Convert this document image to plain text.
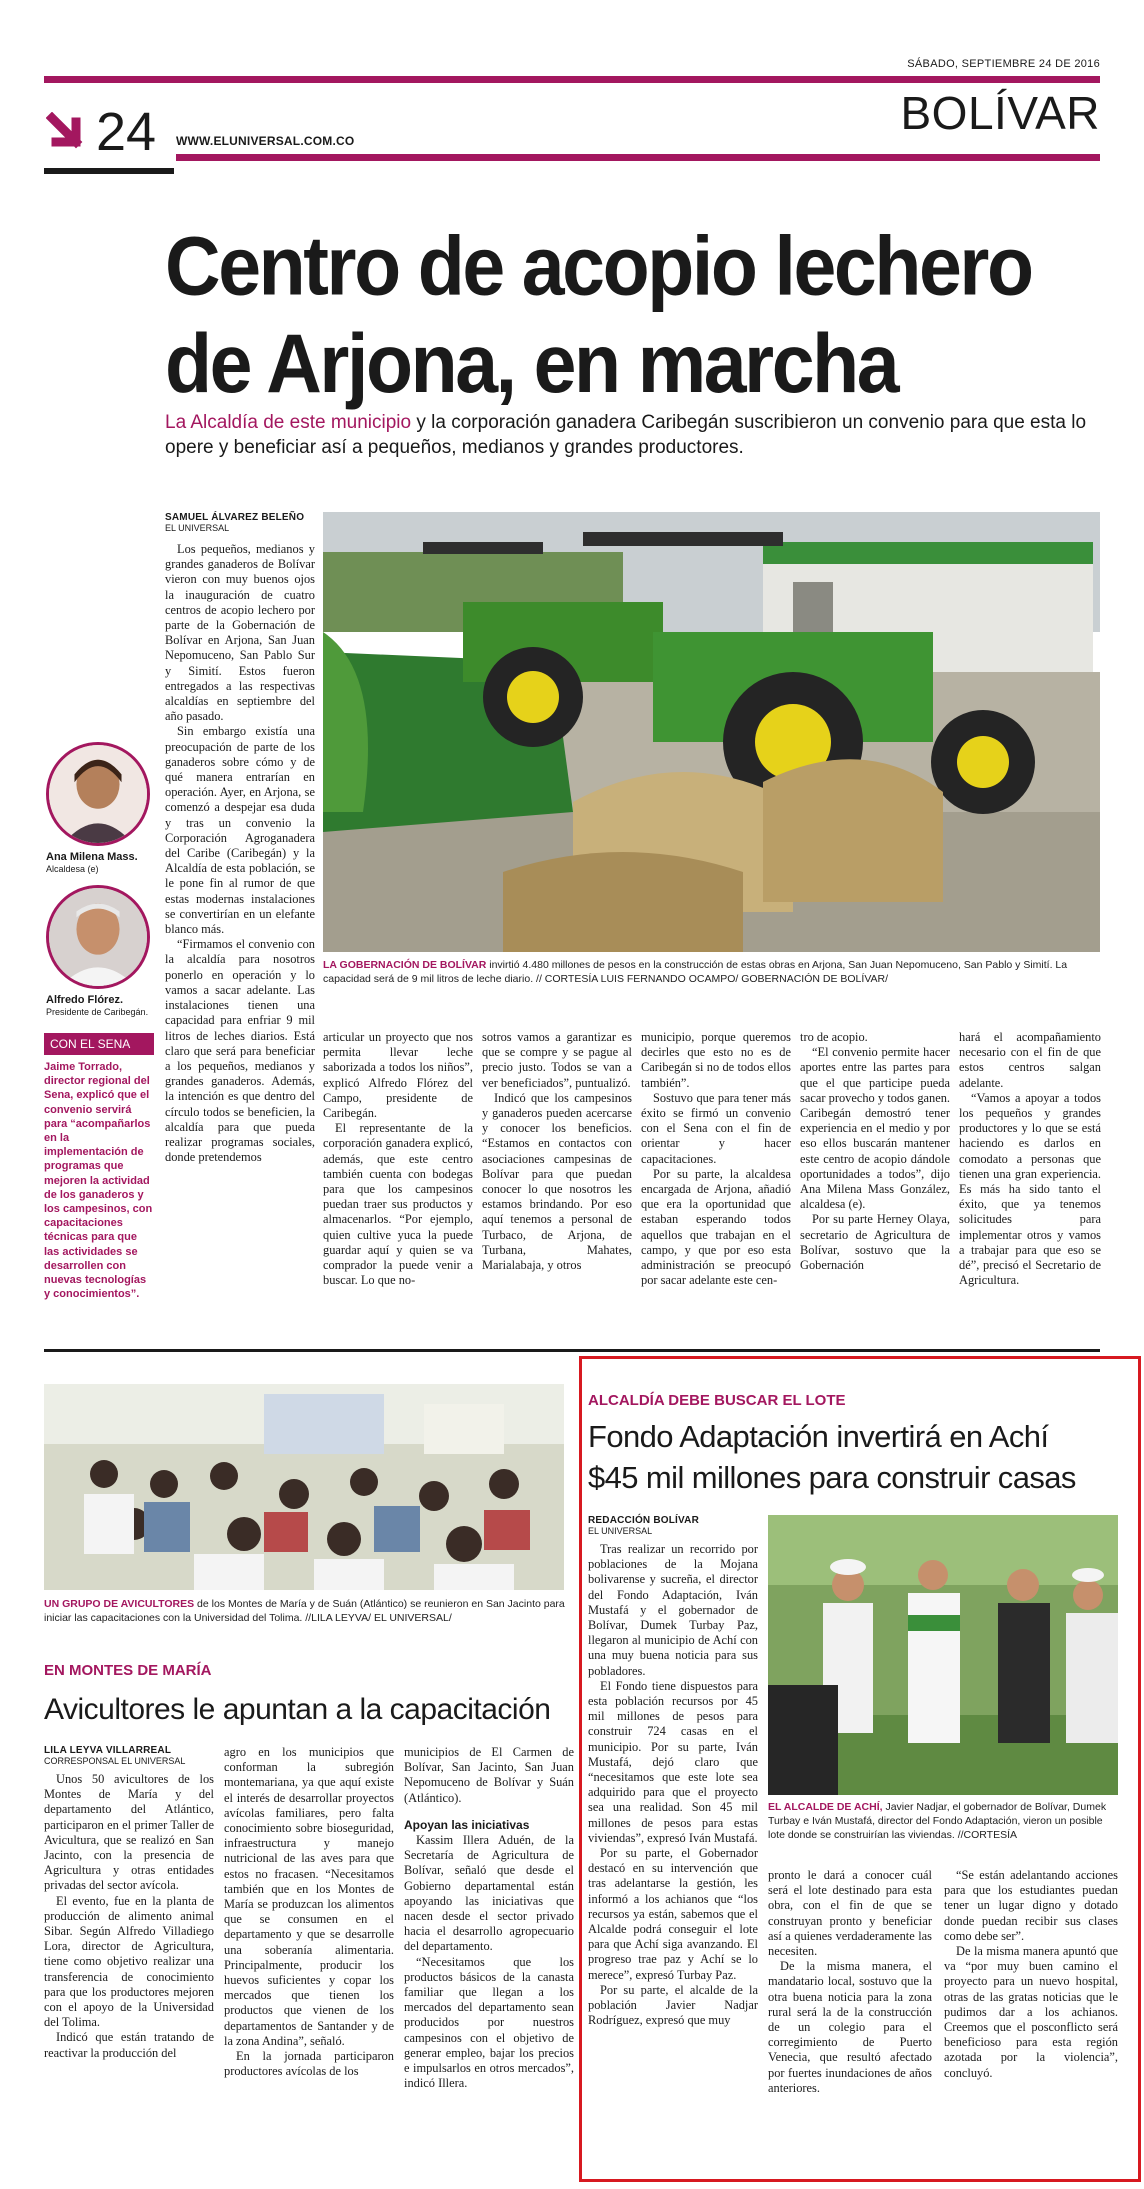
SÁBADO, SEPTIEMBRE 24 DE 2016
24 WWW.ELUNIVERSAL.COM.CO
BOLÍVAR
Centro de acopio lechero
de Arjona, en marcha
La Alcaldía de este municipio y la corporación ganadera Caribegán suscribieron un convenio para que esta lo opere y beneficiar así a pequeños, medianos y grandes productores.
SAMUEL ÁLVAREZ BELEÑO
EL UNIVERSAL

Los pequeños, medianos y grandes ganaderos de Bolívar vieron con muy buenos ojos la inauguración de cuatro centros de acopio lechero por parte de la Gobernación de Bolívar en Arjona, San Juan Nepomuceno, San Pablo Sur y Simití. Estos fueron entregados a las respectivas alcaldías en septiembre del año pasado.

Sin embargo existía una preocupación de parte de los ganaderos sobre cómo y de qué manera entrarían en operación. Ayer, en Arjona, se comenzó a despejar esa duda y tras un convenio la Corporación Agroganadera del Caribe (Caribegán) y la Alcaldía de esta población, se le pone fin al rumor de que estas modernas instalaciones se convertirían en un elefante blanco más.

“Firmamos el convenio con la alcaldía para nosotros ponerlo en operación y lo vamos a sacar adelante. Las instalaciones tienen una capacidad para enfriar 9 mil litros de leches diarios. Está claro que será para beneficiar a los pequeños, medianos y grandes ganaderos. Además, la intención es que dentro del círculo todos se beneficien, la alcaldía para que pueda realizar programas sociales, donde pretendemos

LA GOBERNACIÓN DE BOLÍVAR invirtió 4.480 millones de pesos en la construcción de estas obras en Arjona, San Juan Nepomuceno, San Pablo y Simití. La capacidad será de 9 mil litros de leche diario. // CORTESÍA LUIS FERNANDO OCAMPO/ GOBERNACIÓN DE BOLÍVAR/
Ana Milena Mass.
Alcaldesa (e)
Alfredo Flórez.
Presidente de Caribegán.
CON EL SENA
Jaime Torrado, director regional del Sena, explicó que el convenio servirá para “acompañarlos en la implementación de programas que mejoren la actividad de los ganaderos y los campesinos, con capacitaciones técnicas para que las actividades se desarrollen con nuevas tecnologías y conocimientos”.

articular un proyecto que nos permita llevar leche saborizada a todos los niños”, explicó Alfredo Flórez del Campo, presidente de Caribegán.

El representante de la corporación ganadera explicó, además, que este centro también cuenta con bodegas para que los campesinos puedan traer sus productos y almacenarlos. “Por ejemplo, quien cultive yuca la puede guardar aquí y quien se va comprador la puede venir a buscar. Lo que no-

sotros vamos a garantizar es que se compre y se pague al precio justo. Todos se van a ver beneficiados”, puntualizó.

Indicó que los campesinos y ganaderos pueden acercarse y conocer los beneficios. “Estamos en contactos con asociaciones campesinas de Bolívar para que puedan conocer lo que nosotros les estamos brindando. Por eso aquí tenemos a personal de Turbaco, de Arjona, de Turbana, Mahates, Marialabaja, y otros

municipio, porque queremos decirles que esto no es de Caribegán si no de todos ellos también”.

Sostuvo que para tener más éxito se firmó un convenio con el Sena con el fin de orientar y hacer capacitaciones.

Por su parte, la alcaldesa encargada de Arjona, añadió que era la oportunidad que estaban esperando todos aquellos que trabajan en el campo, y que por eso esta administración se preocupó por sacar adelante este cen-

tro de acopio.

“El convenio permite hacer aportes entre las partes para que el que participe pueda sacar provecho y todos ganen. Caribegán demostró tener experiencia en el medio y por eso ellos buscarán mantener este centro de acopio dándole oportunidades a todos”, dijo Ana Milena Mass González, alcaldesa (e).

Por su parte Herney Olaya, secretario de Agricultura de Bolívar, sostuvo que la Gobernación

hará el acompañamiento necesario con el fin de que estos centros salgan adelante.

“Vamos a apoyar a todos los pequeños y grandes productores y lo que se está haciendo es darlos en comodato a personas que tienen una gran experiencia. Es más ha sido tanto el éxito, que ya tenemos solicitudes para implementar otros y vamos a trabajar para que eso se dé”, precisó el Secretario de Agricultura.

UN GRUPO DE AVICULTORES de los Montes de María y de Suán (Atlántico) se reunieron en San Jacinto para iniciar las capacitaciones con la Universidad del Tolima. //LILA LEYVA/ EL UNIVERSAL/
EN MONTES DE MARÍA
Avicultores le apuntan a la capacitación
LILA LEYVA VILLARREAL
CORRESPONSAL EL UNIVERSAL

Unos 50 avicultores de los Montes de María y del departamento del Atlántico, participaron en el primer Taller de Avicultura, que se realizó en San Jacinto, con la presencia de Agricultura y otras entidades privadas del sector avícola.

El evento, fue en la planta de producción de alimento animal Sibar. Según Alfredo Villadiego Lora, director de Agricultura, tiene como objetivo realizar una transferencia de conocimiento para que los productores mejoren con el apoyo de la Universidad del Tolima.

Indicó que están tratando de reactivar la producción del

agro en los municipios que conforman la subregión montemariana, ya que aquí existe el interés de desarrollar proyectos avícolas familiares, pero falta conocimiento sobre bioseguridad, infraestructura y manejo nutricional de las aves para que estos no fracasen. “Necesitamos también que en los Montes de María se produzcan los alimentos que se consumen en el departamento y que se desarrolle una soberanía alimentaria. Principalmente, producir los huevos suficientes y copar los mercados que tienen los productos que vienen de los departamentos de Santander y de la zona Andina”, señaló.

En la jornada participaron productores avícolas de los

municipios de El Carmen de Bolívar, San Jacinto, San Juan Nepomuceno de Bolívar y Suán (Atlántico).

Apoyan las iniciativas

Kassim Illera Aduén, de la Secretaría de Agricultura de Bolívar, señaló que desde el Gobierno departamental están apoyando las iniciativas que nacen desde el sector privado hacia el desarrollo agropecuario del departamento.

“Necesitamos que los productos básicos de la canasta familiar que llegan a los mercados del departamento sean producidos por nuestros campesinos con el objetivo de generar empleo, bajar los precios e impulsarlos en otros mercados”, indicó Illera.

ALCALDÍA DEBE BUSCAR EL LOTE
Fondo Adaptación invertirá en Achí
$45 mil millones para construir casas
REDACCIÓN BOLÍVAR
EL UNIVERSAL

Tras realizar un recorrido por poblaciones de la Mojana bolivarense y sucreña, el director del Fondo Adaptación, Iván Mustafá y el gobernador de Bolívar, Dumek Turbay Paz, llegaron al municipio de Achí con una muy buena noticia para sus pobladores.

El Fondo tiene dispuestos para esta población recursos por 45 mil millones de pesos para construir 724 casas en el municipio. Por su parte, Iván Mustafá, dejó claro que “necesitamos que este lote sea adquirido para que el proyecto sea una realidad. Son 45 mil millones de pesos para estas viviendas”, expresó Iván Mustafá.

Por su parte, el Gobernador destacó en su intervención que tras adelantarse la gestión, les informó a los achianos que “los recursos ya están, sabemos que el Alcalde podrá conseguir el lote para que Achí siga avanzando. El progreso trae paz y Achí se lo merece”, expresó Turbay Paz.

Por su parte, el alcalde de la población Javier Nadjar Rodríguez, expresó que muy

EL ALCALDE DE ACHÍ, Javier Nadjar, el gobernador de Bolívar, Dumek Turbay e Iván Mustafá, director del Fondo Adaptación, vieron un posible lote donde se construirían las viviendas. //CORTESÍA

pronto le dará a conocer cuál será el lote destinado para esta obra, con el fin de que se construyan pronto y beneficiar así a quienes verdaderamente las necesiten.

De la misma manera, el mandatario local, sostuvo que la otra buena noticia para la zona rural será la de la construcción de un colegio para el corregimiento de Puerto Venecia, que resultó afectado por fuertes inundaciones de años anteriores.

“Se están adelantando acciones para que los estudiantes puedan tener un lugar digno y dotado donde puedan recibir sus clases como debe ser”.

De la misma manera apuntó que va “por muy buen camino el proyecto para un nuevo hospital, otras de las gratas noticias que le pudimos dar a los achianos. Creemos que el posconflicto será beneficioso para esta región azotada por la violencia”, concluyó.
